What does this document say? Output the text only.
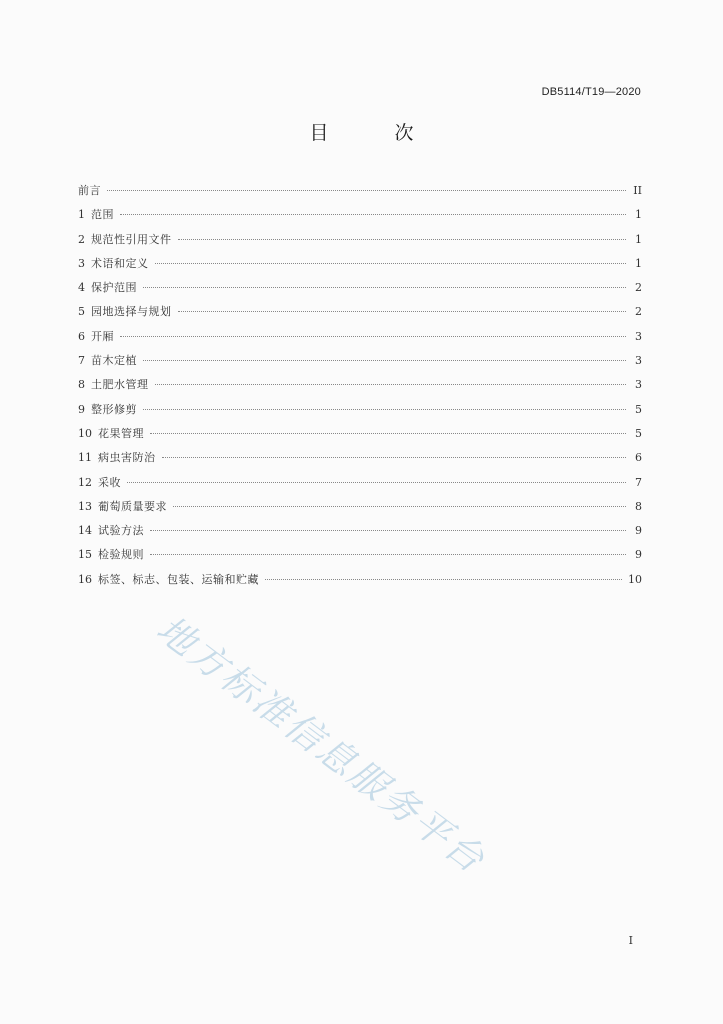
DB5114/T19—2020
目 次
前言	II
1 范围	1
2 规范性引用文件	1
3 术语和定义	1
4 保护范围	2
5 园地选择与规划	2
6 开厢	3
7 苗木定植	3
8 土肥水管理	3
9 整形修剪	5
10 花果管理	5
11 病虫害防治	6
12 采收	7
13 葡萄质量要求	8
14 试验方法	9
15 检验规则	9
16 标签、标志、包装、运输和贮藏	10
地方标准信息服务平台
I
